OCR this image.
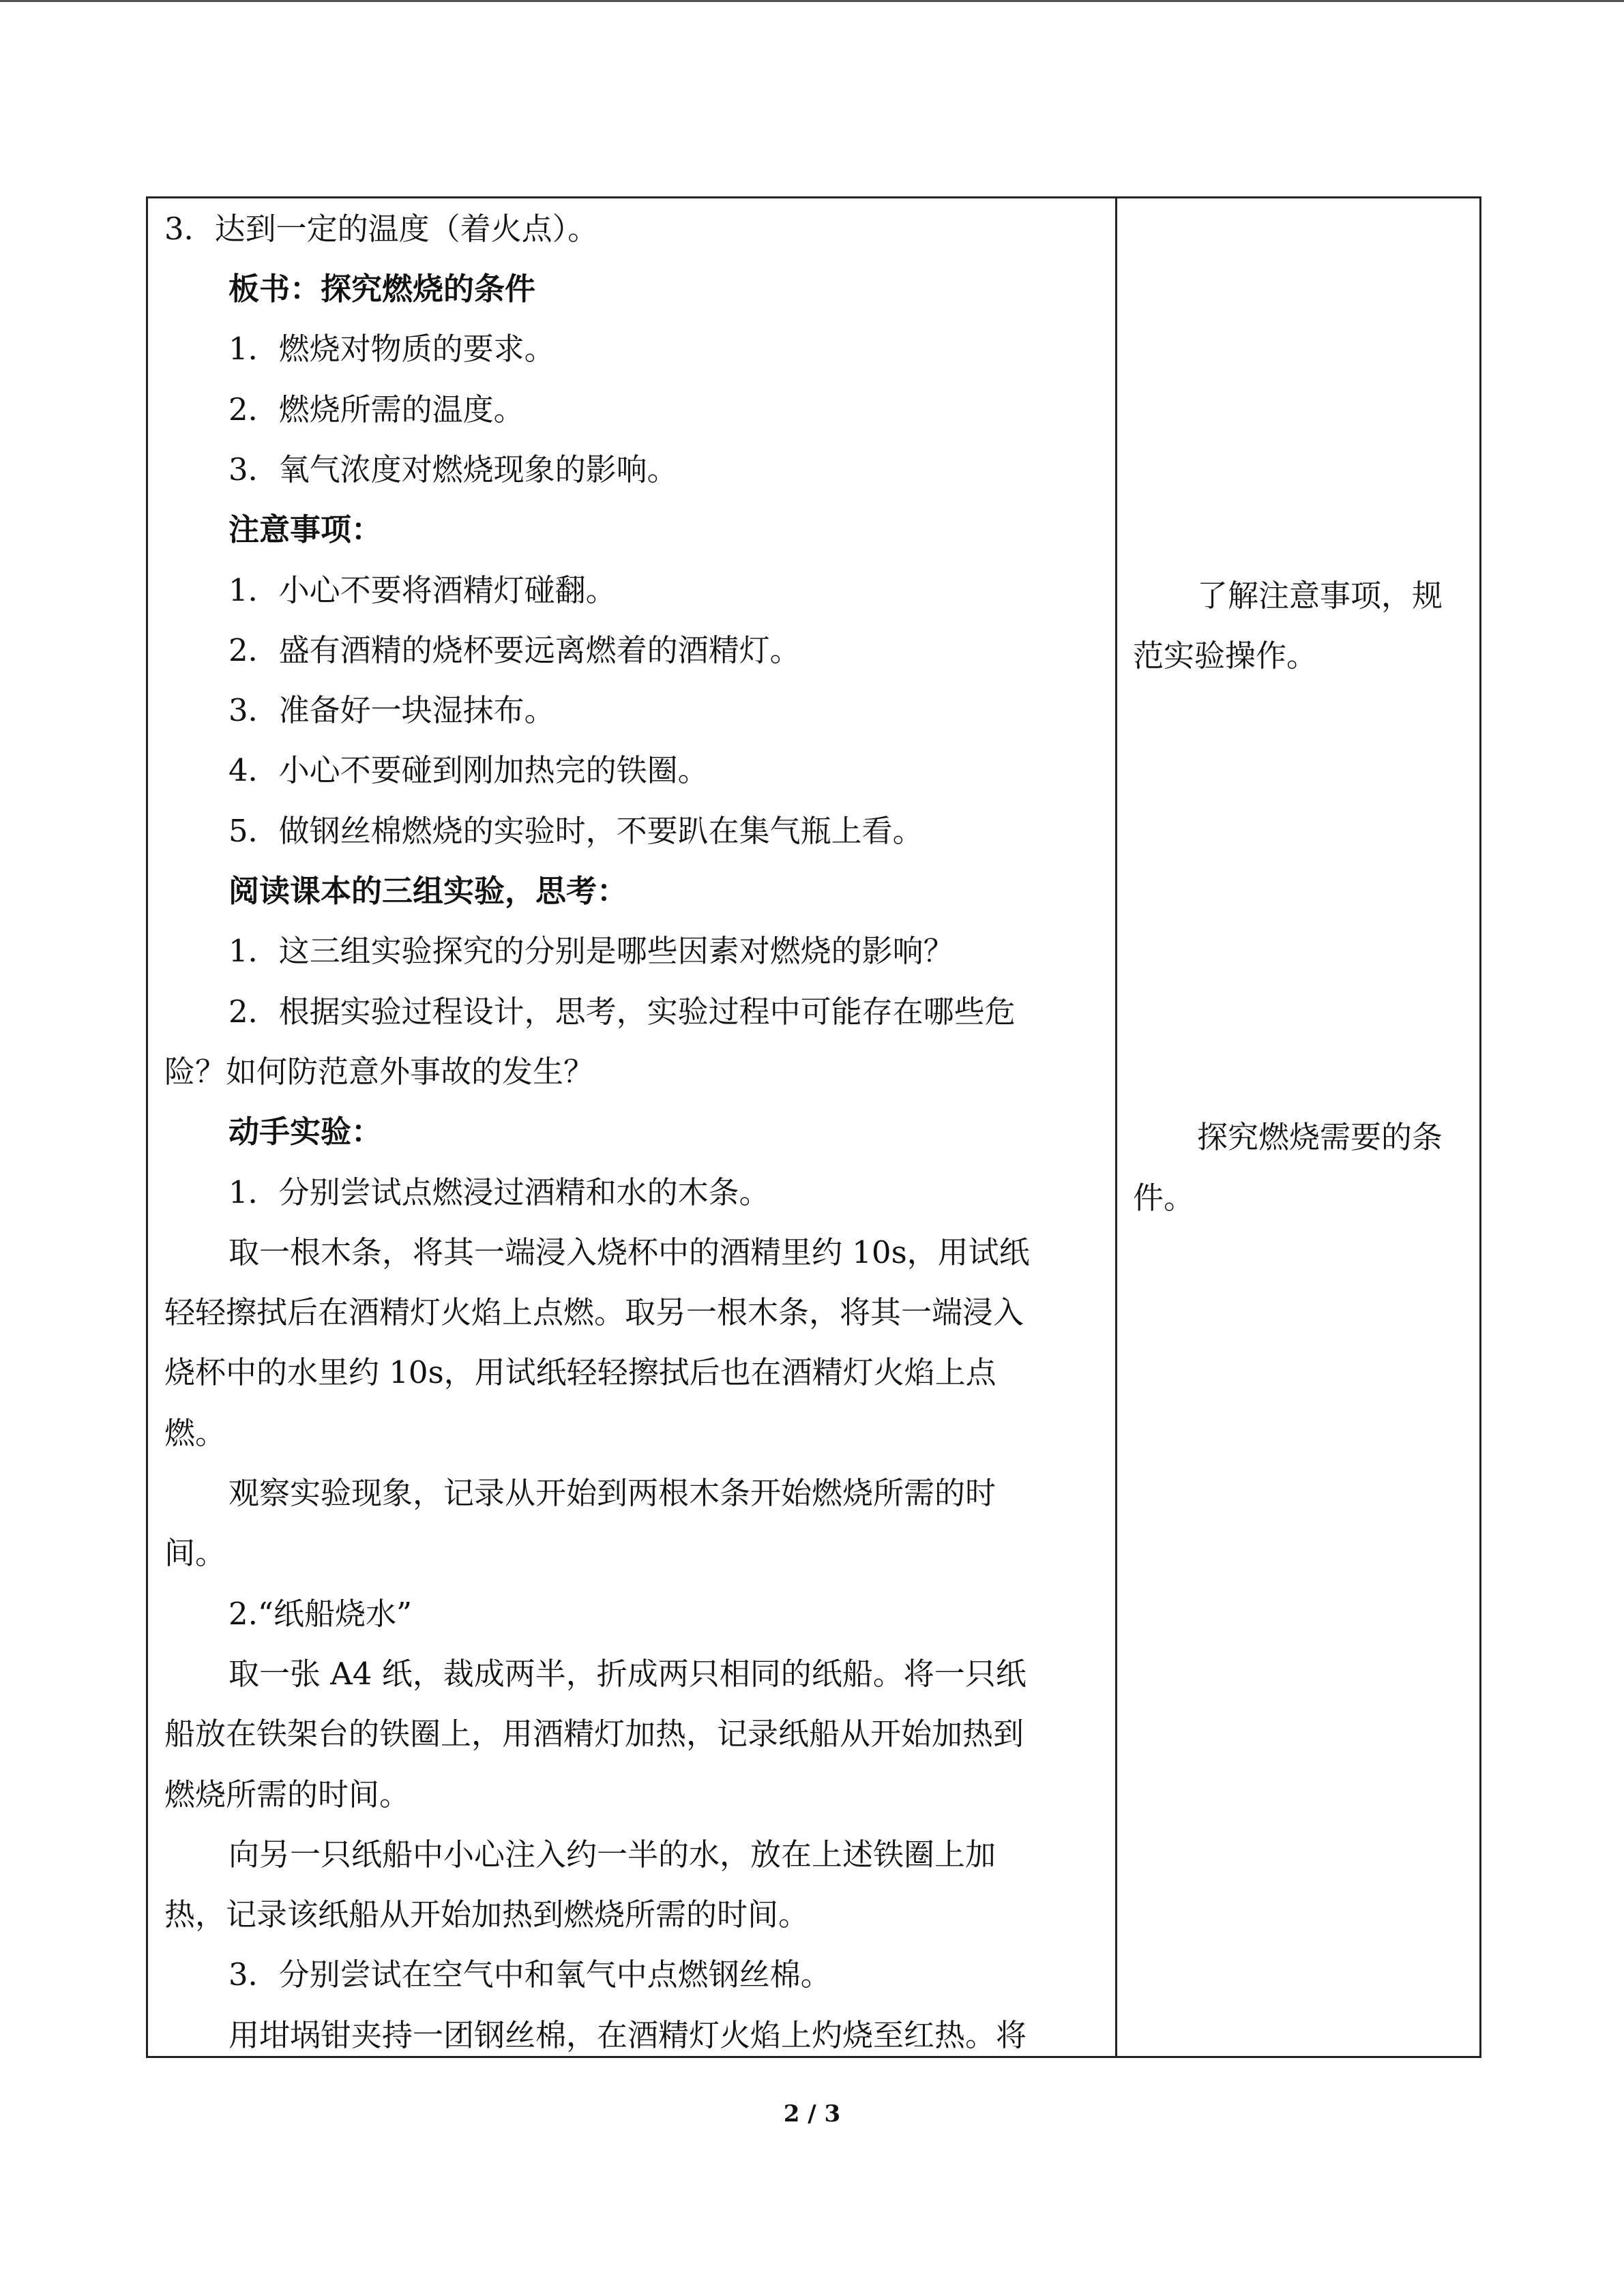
3．达到一定的温度（着火点）。
板书：探究燃烧的条件
1．燃烧对物质的要求。
2．燃烧所需的温度。
3．氧气浓度对燃烧现象的影响。
注意事项：
1．小心不要将酒精灯碰翻。
2．盛有酒精的烧杯要远离燃着的酒精灯。
3．准备好一块湿抹布。
4．小心不要碰到刚加热完的铁圈。
5．做钢丝棉燃烧的实验时，不要趴在集气瓶上看。
阅读课本的三组实验，思考：
1．这三组实验探究的分别是哪些因素对燃烧的影响？
2．根据实验过程设计，思考，实验过程中可能存在哪些危
险？如何防范意外事故的发生？
动手实验：
1．分别尝试点燃浸过酒精和水的木条。
取一根木条，将其一端浸入烧杯中的酒精里约 10s，用试纸
轻轻擦拭后在酒精灯火焰上点燃。取另一根木条，将其一端浸入
烧杯中的水里约 10s，用试纸轻轻擦拭后也在酒精灯火焰上点
燃。
观察实验现象，记录从开始到两根木条开始燃烧所需的时
间。
2.“纸船烧水”
取一张 A4 纸，裁成两半，折成两只相同的纸船。将一只纸
船放在铁架台的铁圈上，用酒精灯加热，记录纸船从开始加热到
燃烧所需的时间。
向另一只纸船中小心注入约一半的水，放在上述铁圈上加
热，记录该纸船从开始加热到燃烧所需的时间。
3．分别尝试在空气中和氧气中点燃钢丝棉。
用坩埚钳夹持一团钢丝棉，在酒精灯火焰上灼烧至红热。将
了解注意事项，规
范实验操作。
探究燃烧需要的条
件。
2 / 3
